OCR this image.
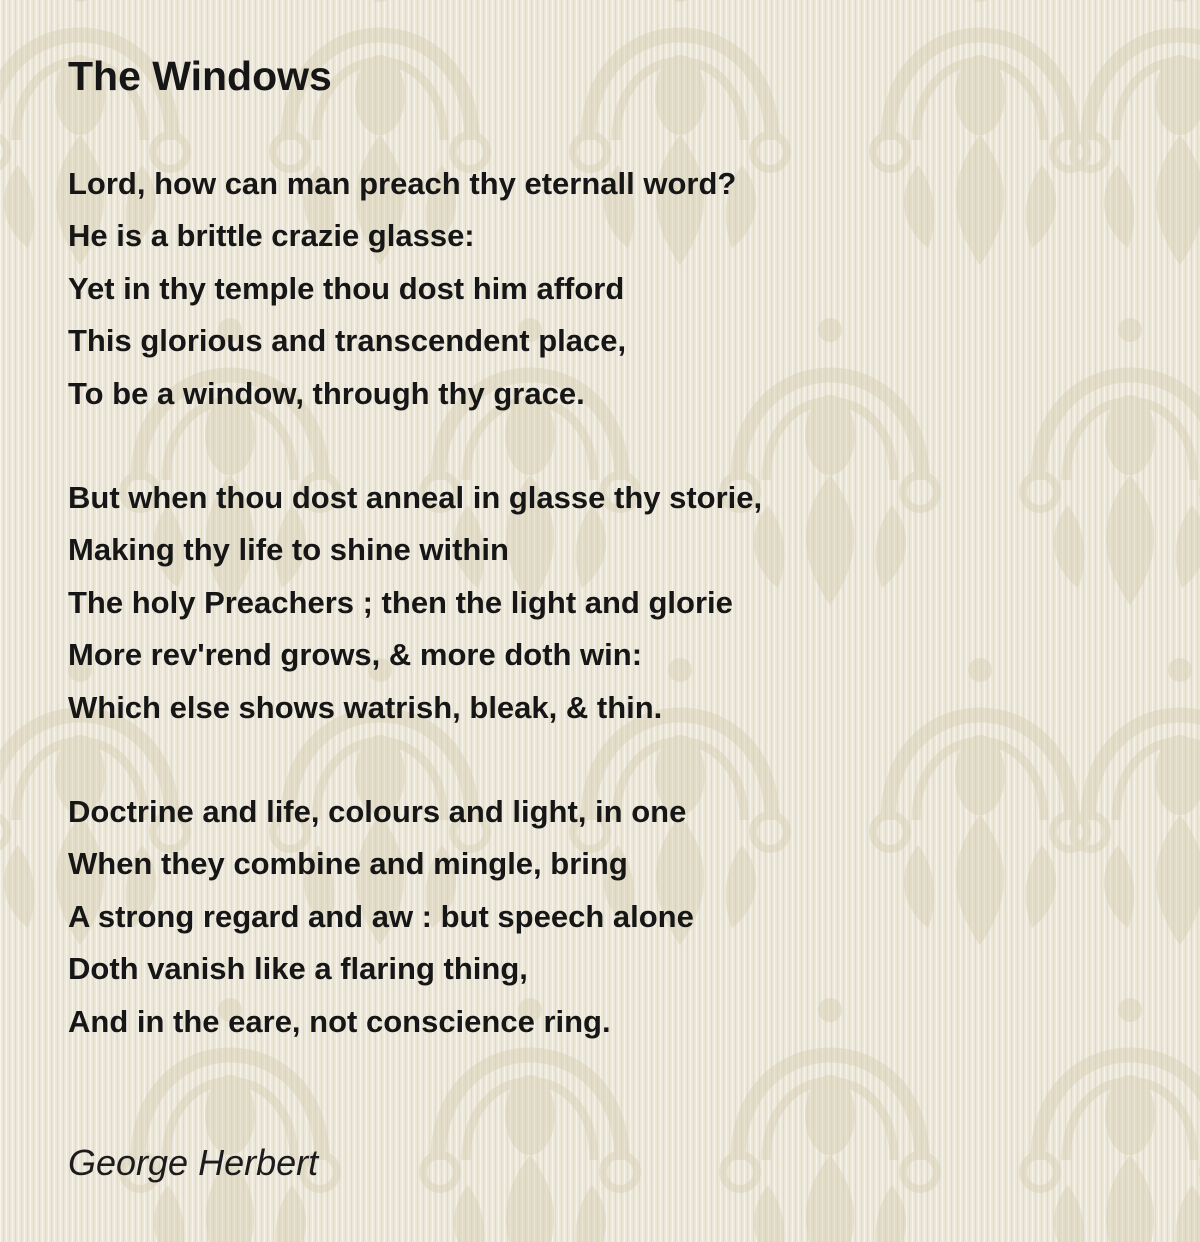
The Windows
Lord, how can man preach thy eternall word?
He is a brittle crazie glasse:
Yet in thy temple thou dost him afford
This glorious and transcendent place,
To be a window, through thy grace.
But when thou dost anneal in glasse thy storie,
Making thy life to shine within
The holy Preachers ; then the light and glorie
More rev'rend grows, & more doth win:
Which else shows watrish, bleak, & thin.
Doctrine and life, colours and light, in one
When they combine and mingle, bring
A strong regard and aw : but speech alone
Doth vanish like a flaring thing,
And in the eare, not conscience ring.
George Herbert
